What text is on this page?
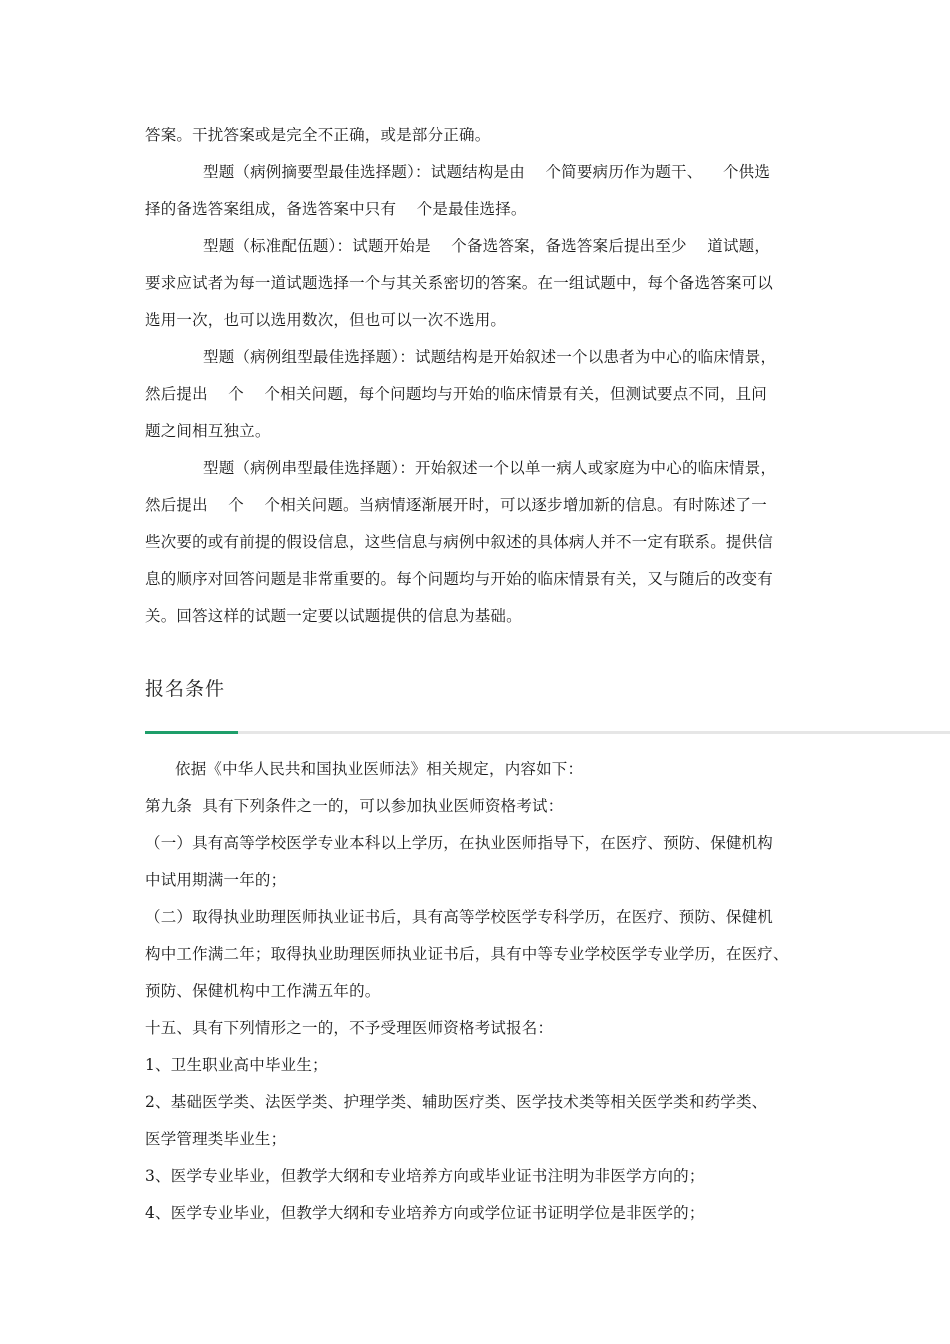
答案。干扰答案或是完全不正确，或是部分正确。
型题（病例摘要型最佳选择题）：试题结构是由    个简要病历作为题干、    个供选
择的备选答案组成，备选答案中只有    个是最佳选择。
型题（标准配伍题）：试题开始是    个备选答案，备选答案后提出至少    道试题，
要求应试者为每一道试题选择一个与其关系密切的答案。在一组试题中，每个备选答案可以
选用一次，也可以选用数次，但也可以一次不选用。
型题（病例组型最佳选择题）：试题结构是开始叙述一个以患者为中心的临床情景，
然后提出    个    个相关问题，每个问题均与开始的临床情景有关，但测试要点不同，且问
题之间相互独立。
型题（病例串型最佳选择题）：开始叙述一个以单一病人或家庭为中心的临床情景，
然后提出    个    个相关问题。当病情逐渐展开时，可以逐步增加新的信息。有时陈述了一
些次要的或有前提的假设信息，这些信息与病例中叙述的具体病人并不一定有联系。提供信
息的顺序对回答问题是非常重要的。每个问题均与开始的临床情景有关，又与随后的改变有
关。回答这样的试题一定要以试题提供的信息为基础。
报名条件
依据《中华人民共和国执业医师法》相关规定，内容如下：
第九条  具有下列条件之一的，可以参加执业医师资格考试：
（一）具有高等学校医学专业本科以上学历，在执业医师指导下，在医疗、预防、保健机构
中试用期满一年的；
（二）取得执业助理医师执业证书后，具有高等学校医学专科学历，在医疗、预防、保健机
构中工作满二年；取得执业助理医师执业证书后，具有中等专业学校医学专业学历，在医疗、
预防、保健机构中工作满五年的。
十五、具有下列情形之一的，不予受理医师资格考试报名：
1、卫生职业高中毕业生；
2、基础医学类、法医学类、护理学类、辅助医疗类、医学技术类等相关医学类和药学类、
医学管理类毕业生；
3、医学专业毕业，但教学大纲和专业培养方向或毕业证书注明为非医学方向的；
4、医学专业毕业，但教学大纲和专业培养方向或学位证书证明学位是非医学的；
